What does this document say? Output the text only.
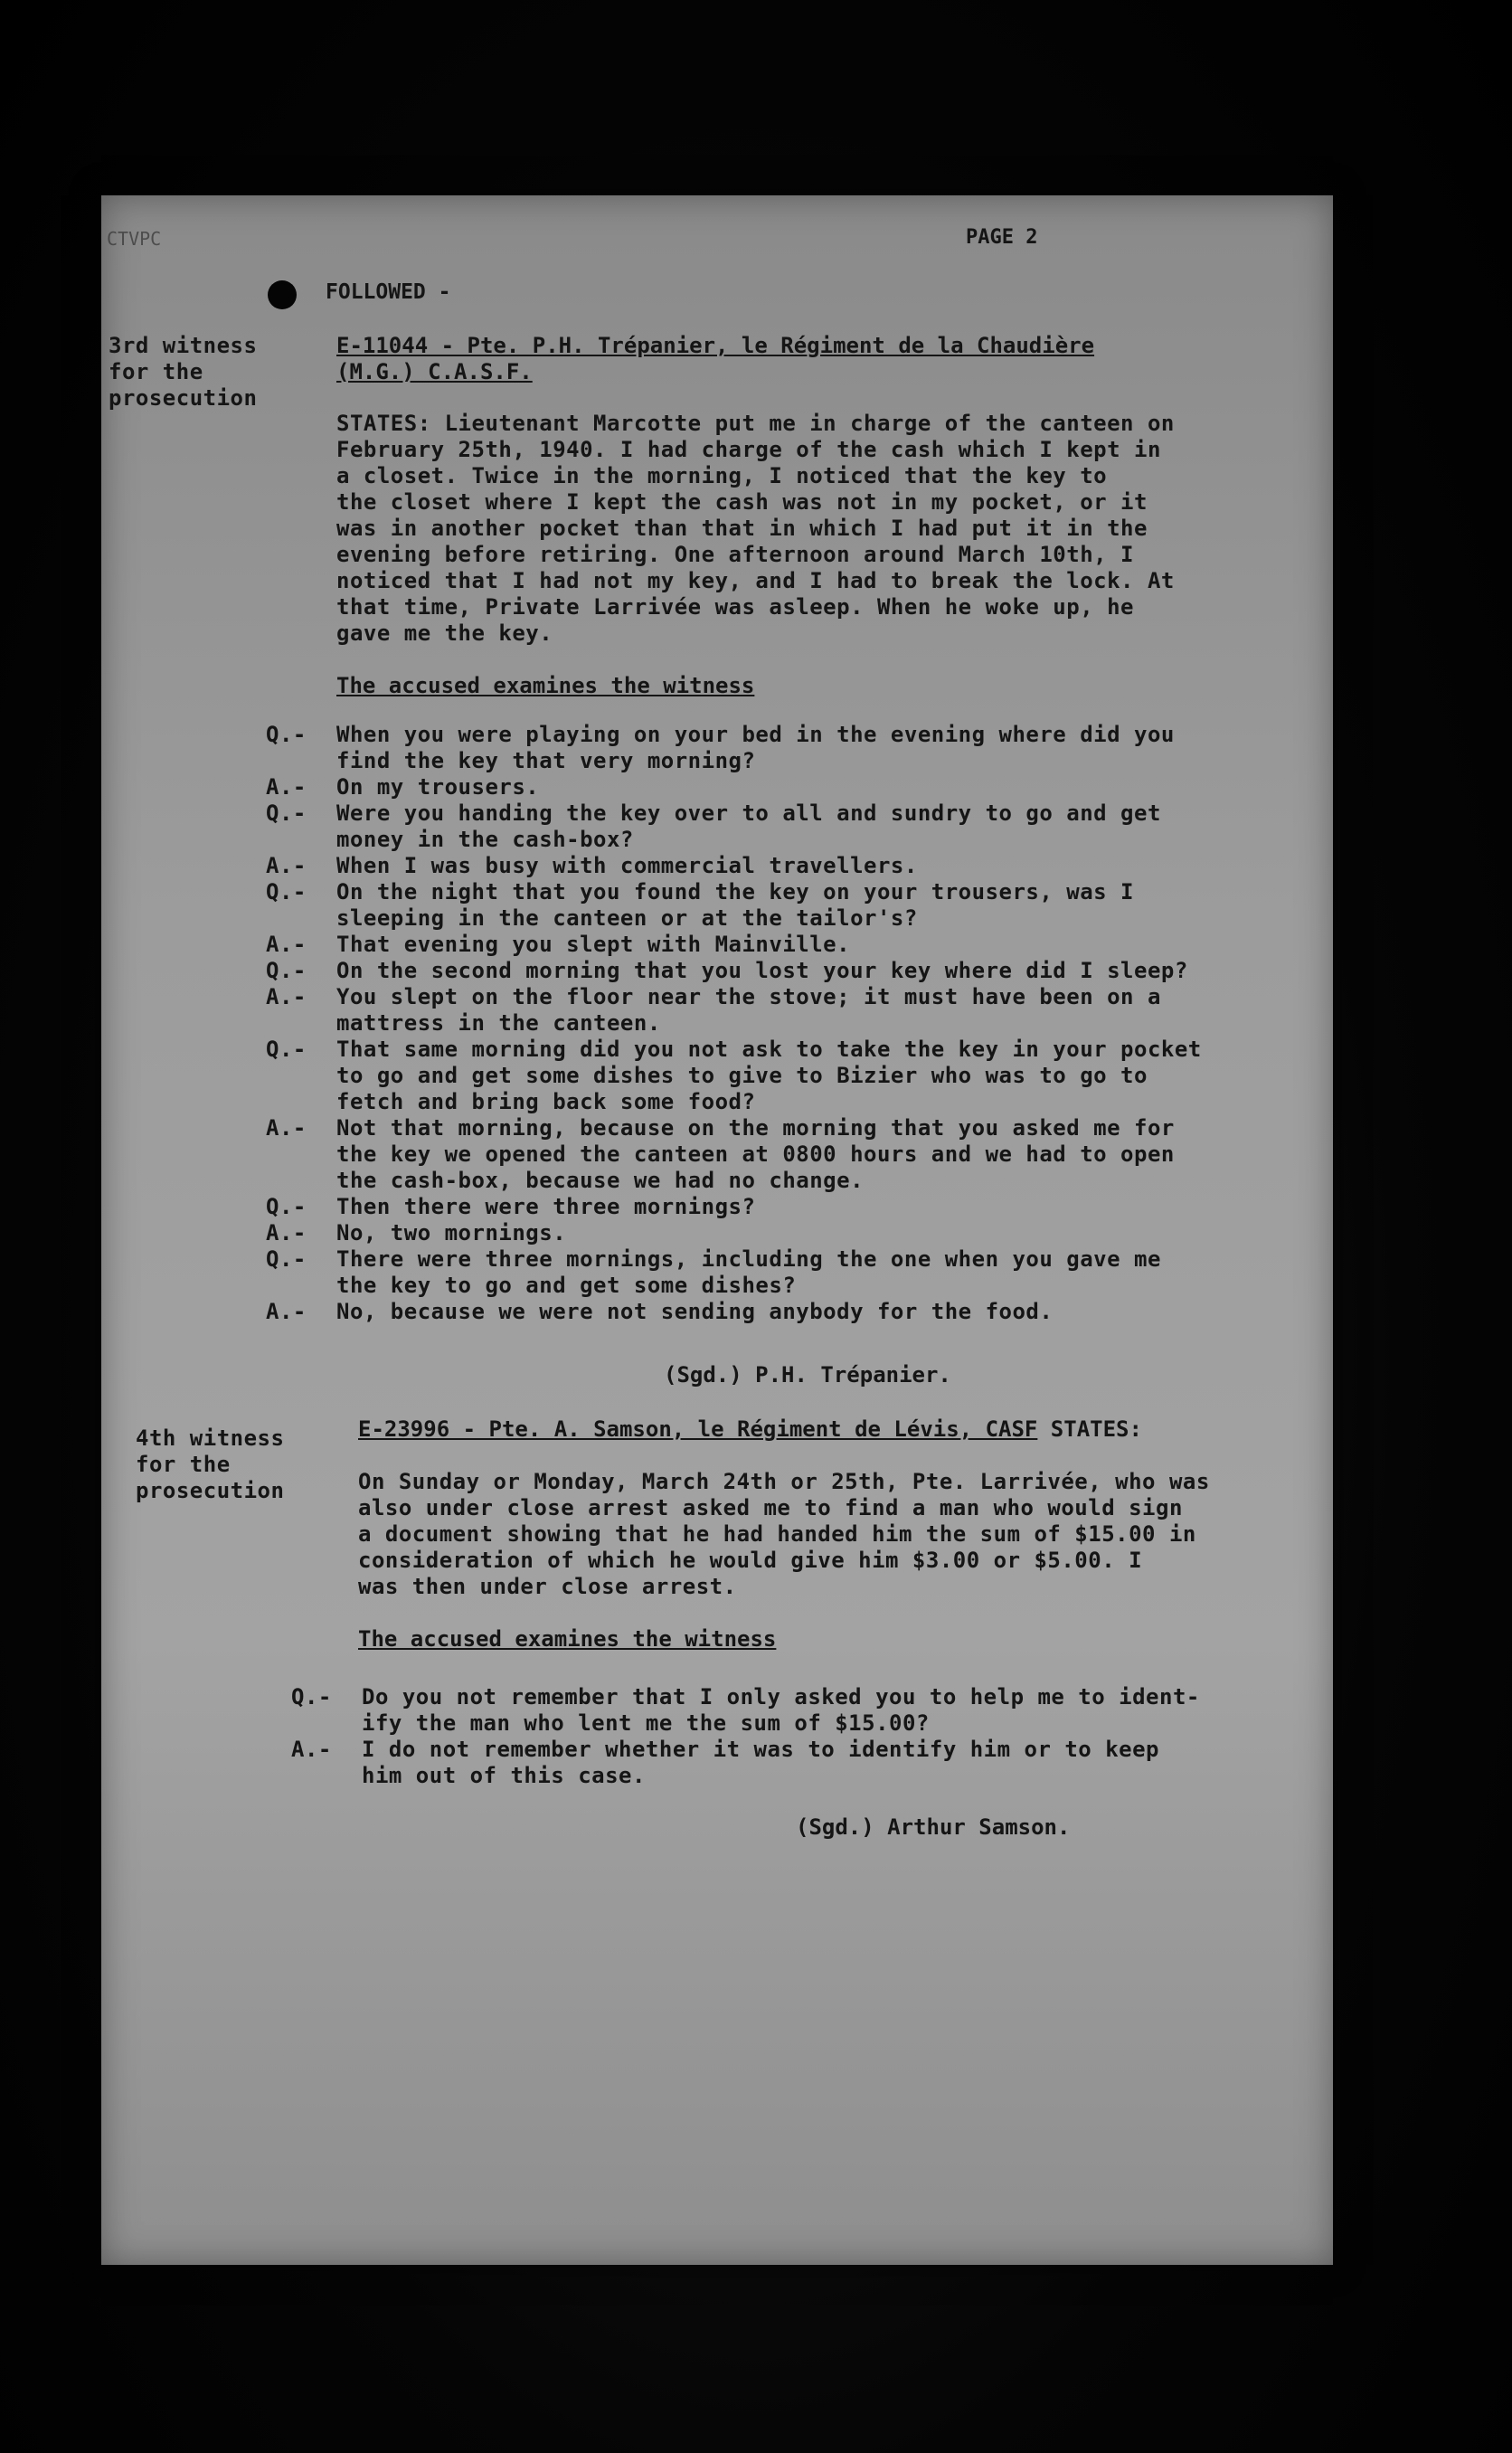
CTVPC	PAGE 2
FOLLOWED -
3rd witness
for the
prosecution
E-11044 - Pte. P.H. Trépanier, le Régiment de la Chaudière
(M.G.) C.A.S.F.
STATES: Lieutenant Marcotte put me in charge of the canteen on
February 25th, 1940. I had charge of the cash which I kept in
a closet. Twice in the morning, I noticed that the key to
the closet where I kept the cash was not in my pocket, or it
was in another pocket than that in which I had put it in the
evening before retiring. One afternoon around March 10th, I
noticed that I had not my key, and I had to break the lock. At
that time, Private Larrivée was asleep. When he woke up, he
gave me the key.
The accused examines the witness
Q.-	When you were playing on your bed in the evening where did you
find the key that very morning?
A.-	On my trousers.
Q.-	Were you handing the key over to all and sundry to go and get
money in the cash-box?
A.-	When I was busy with commercial travellers.
Q.-	On the night that you found the key on your trousers, was I
sleeping in the canteen or at the tailor's?
A.-	That evening you slept with Mainville.
Q.-	On the second morning that you lost your key where did I sleep?
A.-	You slept on the floor near the stove; it must have been on a
mattress in the canteen.
Q.-	That same morning did you not ask to take the key in your pocket
to go and get some dishes to give to Bizier who was to go to
fetch and bring back some food?
A.-	Not that morning, because on the morning that you asked me for
the key we opened the canteen at 0800 hours and we had to open
the cash-box, because we had no change.
Q.-	Then there were three mornings?
A.-	No, two mornings.
Q.-	There were three mornings, including the one when you gave me
the key to go and get some dishes?
A.-	No, because we were not sending anybody for the food.
(Sgd.) P.H. Trépanier.
4th witness
for the
prosecution
E-23996 - Pte. A. Samson, le Régiment de Lévis, CASF STATES:
On Sunday or Monday, March 24th or 25th, Pte. Larrivée, who was
also under close arrest asked me to find a man who would sign
a document showing that he had handed him the sum of $15.00 in
consideration of which he would give him $3.00 or $5.00. I
was then under close arrest.
The accused examines the witness
Q.-	Do you not remember that I only asked you to help me to ident-
ify the man who lent me the sum of $15.00?
A.-	I do not remember whether it was to identify him or to keep
him out of this case.
(Sgd.) Arthur Samson.
